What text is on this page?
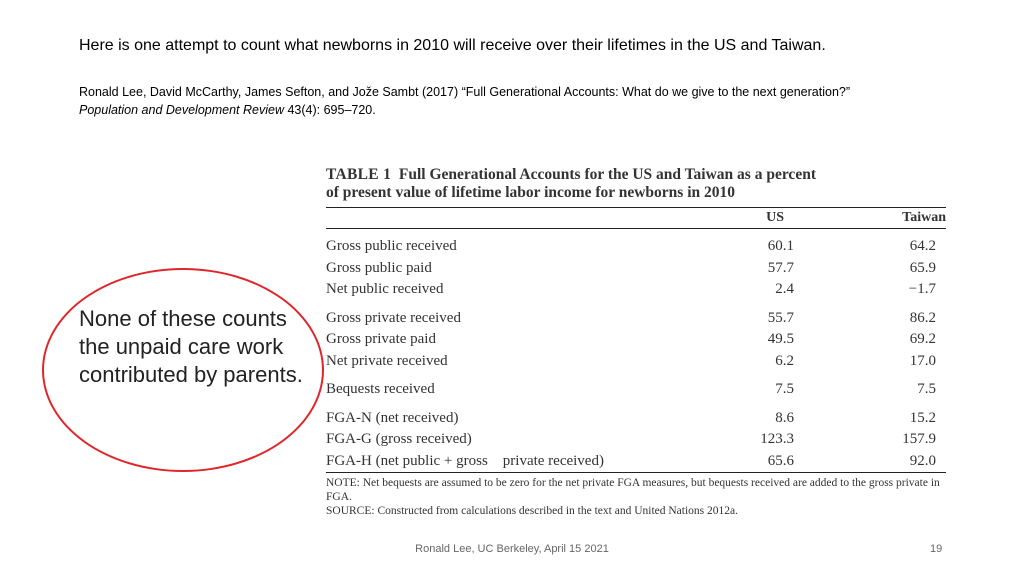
Here is one attempt to count what newborns in 2010 will receive over their lifetimes in the US and Taiwan.
Ronald Lee, David McCarthy, James Sefton, and Jože Sambt (2017) “Full Generational Accounts: What do we give to the next generation?”
Population and Development Review 43(4): 695–720.
None of these counts the unpaid care work contributed by parents.
TABLE 1 Full Generational Accounts for the US and Taiwan as a percent
of present value of lifetime labor income for newborns in 2010
US	Taiwan
Gross public received	60.1	64.2
Gross public paid	57.7	65.9
Net public received	2.4	−1.7
Gross private received	55.7	86.2
Gross private paid	49.5	69.2
Net private received	6.2	17.0
Bequests received	7.5	7.5
FGA-N (net received)	8.6	15.2
FGA-G (gross received)	123.3	157.9
FGA-H (net public + gross    private received)	65.6	92.0
NOTE: Net bequests are assumed to be zero for the net private FGA measures, but bequests received are added to the gross private in FGA.
SOURCE: Constructed from calculations described in the text and United Nations 2012a.
Ronald Lee, UC Berkeley, April 15 2021	19
